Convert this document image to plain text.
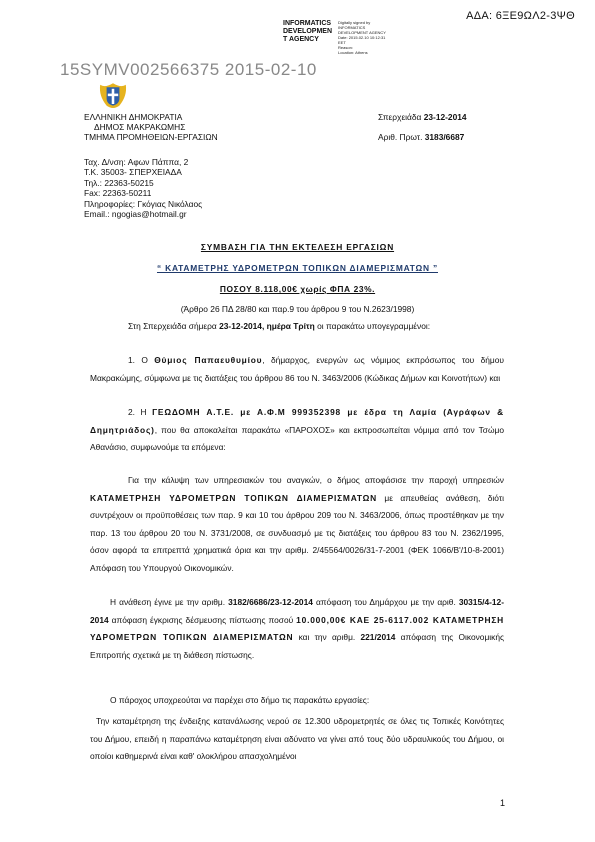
ΑΔΑ: 6ΞΕ9ΩΛ2-3ΨΘ
INFORMATICS
DEVELOPMEN
T AGENCY
Digitally signed by
INFORMATICS
DEVELOPMENT AGENCY
Date: 2015.02.10 10:12:31
EET
Reason:
Location: Athens
15SYMV002566375 2015-02-10
ΕΛΛΗΝΙΚΗ ΔΗΜΟΚΡΑΤΙΑ
ΔΗΜΟΣ ΜΑΚΡΑΚΩΜΗΣ
ΤΜΗΜΑ ΠΡΟΜΗΘΕΙΩΝ-ΕΡΓΑΣΙΩΝ
Σπερχειάδα 23-12-2014
Αριθ. Πρωτ. 3183/6687
Ταχ. Δ/νση: Αφων Πάππα, 2
Τ.Κ. 35003- ΣΠΕΡΧΕΙΑΔΑ
Τηλ.: 22363-50215
Fax: 22363-50211
Πληροφορίες: Γκόγιας Νικόλαος
Email.: ngogias@hotmail.gr
ΣΥΜΒΑΣΗ ΓΙΑ ΤΗΝ ΕΚΤΕΛΕΣΗ ΕΡΓΑΣΙΩΝ
“ ΚΑΤΑΜΕΤΡΗΣ ΥΔΡΟΜΕΤΡΩΝ ΤΟΠΙΚΩΝ ΔΙΑΜΕΡΙΣΜΑΤΩΝ ”
ΠΟΣΟΥ 8.118,00€ χωρίς ΦΠΑ 23%.
(Άρθρο 26 ΠΔ 28/80 και παρ.9 του άρθρου 9 του Ν.2623/1998)
Στη Σπερχειάδα σήμερα 23-12-2014, ημέρα Τρίτη οι παρακάτω υπογεγραμμένοι:
1. Ο Θύμιος Παπαευθυμίου, δήμαρχος, ενεργών ως νόμιμος εκπρόσωπος του δήμου Μακρακώμης, σύμφωνα με τις διατάξεις του άρθρου 86 του Ν. 3463/2006 (Κώδικας Δήμων και Κοινοτήτων) και
2. Η ΓΕΩΔΟΜΗ Α.Τ.Ε. με Α.Φ.Μ 999352398 με έδρα τη Λαμία (Αγράφων & Δημητριάδος), που θα αποκαλείται παρακάτω «ΠΑΡΟΧΟΣ» και εκπροσωπείται νόμιμα από τον Τσώμο Αθανάσιο, συμφωνούμε τα επόμενα:
Για την κάλυψη των υπηρεσιακών του αναγκών, ο δήμος αποφάσισε την παροχή υπηρεσιών ΚΑΤΑΜΕΤΡΗΣΗ ΥΔΡΟΜΕΤΡΩΝ ΤΟΠΙΚΩΝ ΔΙΑΜΕΡΙΣΜΑΤΩΝ με απευθείας ανάθεση, διότι συντρέχουν οι προϋποθέσεις των παρ. 9 και 10 του άρθρου 209 του Ν. 3463/2006, όπως προστέθηκαν με την παρ. 13 του άρθρου 20 του Ν. 3731/2008, σε συνδυασμό με τις διατάξεις του άρθρου 83 του Ν. 2362/1995, όσον αφορά τα επιτρεπτά χρηματικά όρια και την αριθμ. 2/45564/0026/31-7-2001 (ΦΕΚ 1066/Β'/10-8-2001) Απόφαση του Υπουργού Οικονομικών.
Η ανάθεση έγινε με την αριθμ. 3182/6686/23-12-2014 απόφαση του Δημάρχου με την αριθ. 30315/4-12-2014 απόφαση έγκρισης δέσμευσης πίστωσης ποσού 10.000,00€ ΚΑΕ 25-6117.002 ΚΑΤΑΜΕΤΡΗΣΗ ΥΔΡΟΜΕΤΡΩΝ ΤΟΠΙΚΩΝ ΔΙΑΜΕΡΙΣΜΑΤΩΝ και την αριθμ. 221/2014 απόφαση της Οικονομικής Επιτροπής σχετικά με τη διάθεση πίστωσης.
Ο πάροχος υποχρεούται να παρέχει στο δήμο τις παρακάτω εργασίες:
Την καταμέτρηση της ένδειξης κατανάλωσης νερού σε 12.300 υδρομετρητές σε όλες τις Τοπικές Κοινότητες του Δήμου, επειδή η παραπάνω καταμέτρηση είναι αδύνατο να γίνει από τους δύο υδραυλικούς του Δήμου, οι οποίοι καθημερινά είναι καθ' ολοκλήρου απασχολημένοι
1
